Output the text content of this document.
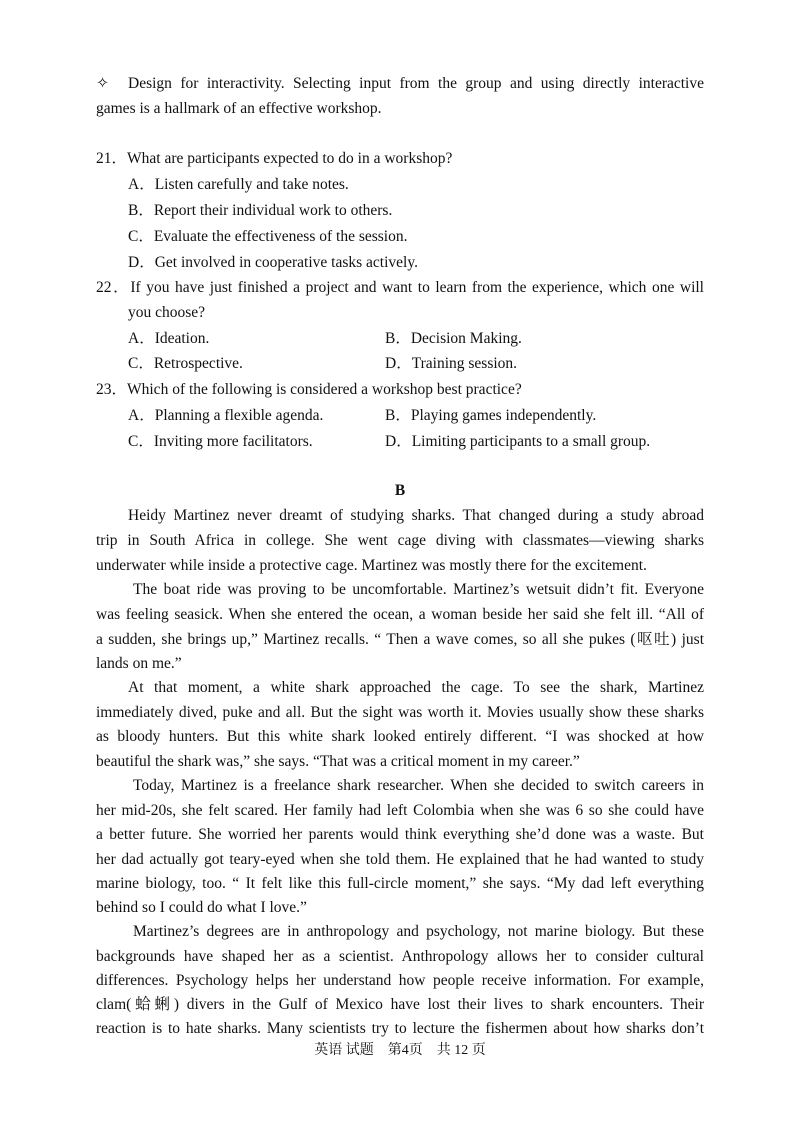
✧ Design for interactivity. Selecting input from the group and using directly interactive
games is a hallmark of an effective workshop.
21．What are participants expected to do in a workshop?
A．Listen carefully and take notes.
B．Report their individual work to others.
C．Evaluate the effectiveness of the session.
D．Get involved in cooperative tasks actively.
22．If you have just finished a project and want to learn from the experience, which one will
you choose?
A．Ideation.	B．Decision Making.
C．Retrospective.	D．Training session.
23．Which of the following is considered a workshop best practice?
A．Planning a flexible agenda.	B．Playing games independently.
C．Inviting more facilitators.	D．Limiting participants to a small group.
B
Heidy Martinez never dreamt of studying sharks. That changed during a study abroad
trip in South Africa in college. She went cage diving with classmates—viewing sharks
underwater while inside a protective cage. Martinez was mostly there for the excitement.
The boat ride was proving to be uncomfortable. Martinez’s wetsuit didn’t fit. Everyone
was feeling seasick. When she entered the ocean, a woman beside her said she felt ill. “All of
a sudden, she brings up,” Martinez recalls. “ Then a wave comes, so all she pukes (呕吐) just
lands on me.”
At that moment, a white shark approached the cage. To see the shark, Martinez
immediately dived, puke and all. But the sight was worth it. Movies usually show these sharks
as bloody hunters. But this white shark looked entirely different. “I was shocked at how
beautiful the shark was,” she says. “That was a critical moment in my career.”
Today, Martinez is a freelance shark researcher. When she decided to switch careers in
her mid-20s, she felt scared. Her family had left Colombia when she was 6 so she could have
a better future. She worried her parents would think everything she’d done was a waste. But
her dad actually got teary-eyed when she told them. He explained that he had wanted to study
marine biology, too. “ It felt like this full-circle moment,” she says. “My dad left everything
behind so I could do what I love.”
Martinez’s degrees are in anthropology and psychology, not marine biology. But these
backgrounds have shaped her as a scientist. Anthropology allows her to consider cultural
differences. Psychology helps her understand how people receive information. For example,
clam(蛤蜊) divers in the Gulf of Mexico have lost their lives to shark encounters. Their
reaction is to hate sharks. Many scientists try to lecture the fishermen about how sharks don’t
英语 试题　第4页　共 12 页
